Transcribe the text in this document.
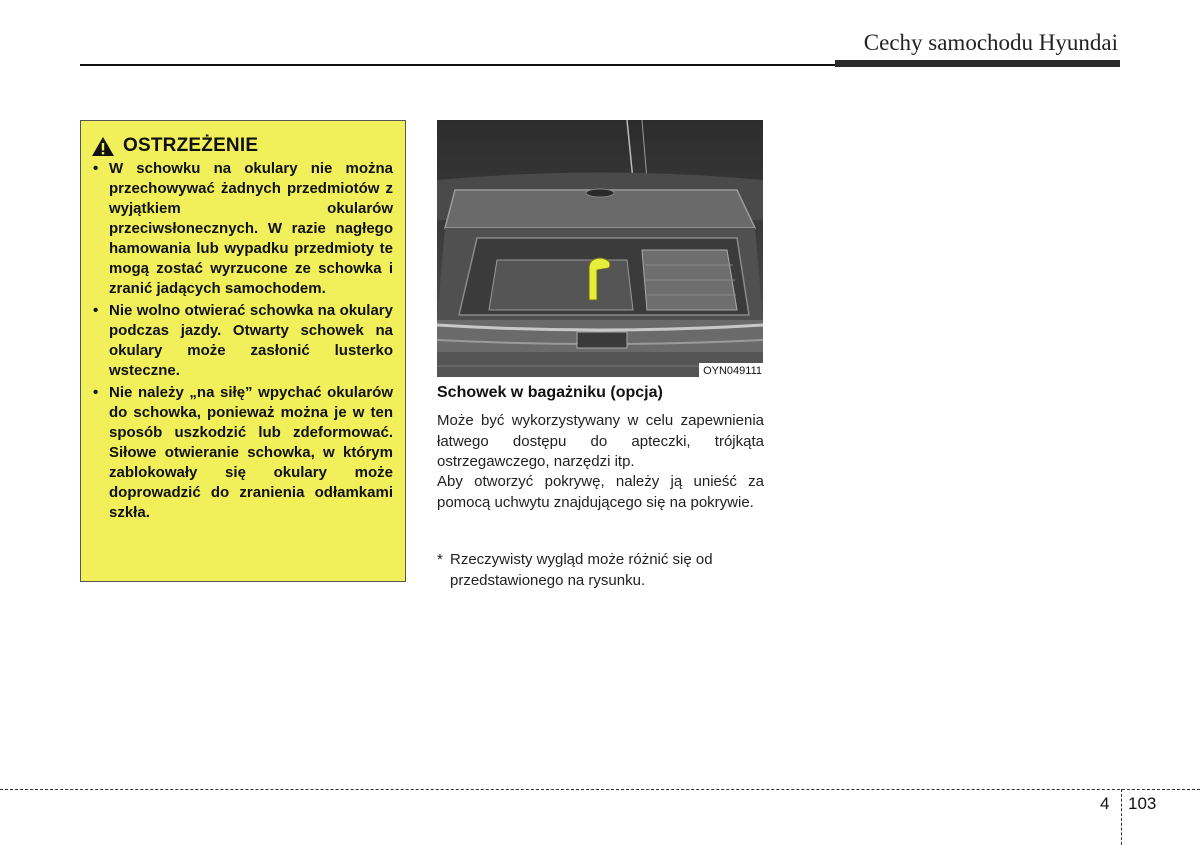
Cechy samochodu Hyundai
OSTRZEŻENIE
• W schowku na okulary nie można przechowywać żadnych przedmiotów z wyjątkiem okularów przeciwsłonecznych. W razie nagłego hamowania lub wypadku przedmioty te mogą zostać wyrzucone ze schowka i zranić jadących samochodem.
• Nie wolno otwierać schowka na okulary podczas jazdy. Otwarty schowek na okulary może zasłonić lusterko wsteczne.
• Nie należy „na siłę” wpychać okularów do schowka, ponieważ można je w ten sposób uszkodzić lub zdeformować. Siłowe otwieranie schowka, w którym zablokowały się okulary może doprowadzić do zranienia odłamkami szkła.
OYN049111
Schowek w bagażniku (opcja)

Może być wykorzystywany w celu zapewnienia łatwego dostępu do apteczki, trójkąta ostrzegawczego, narzędzi itp.

Aby otworzyć pokrywę, należy ją unieść za pomocą uchwytu znajdującego się na pokrywie.

* Rzeczywisty wygląd może różnić się od przedstawionego na rysunku.
4 103
